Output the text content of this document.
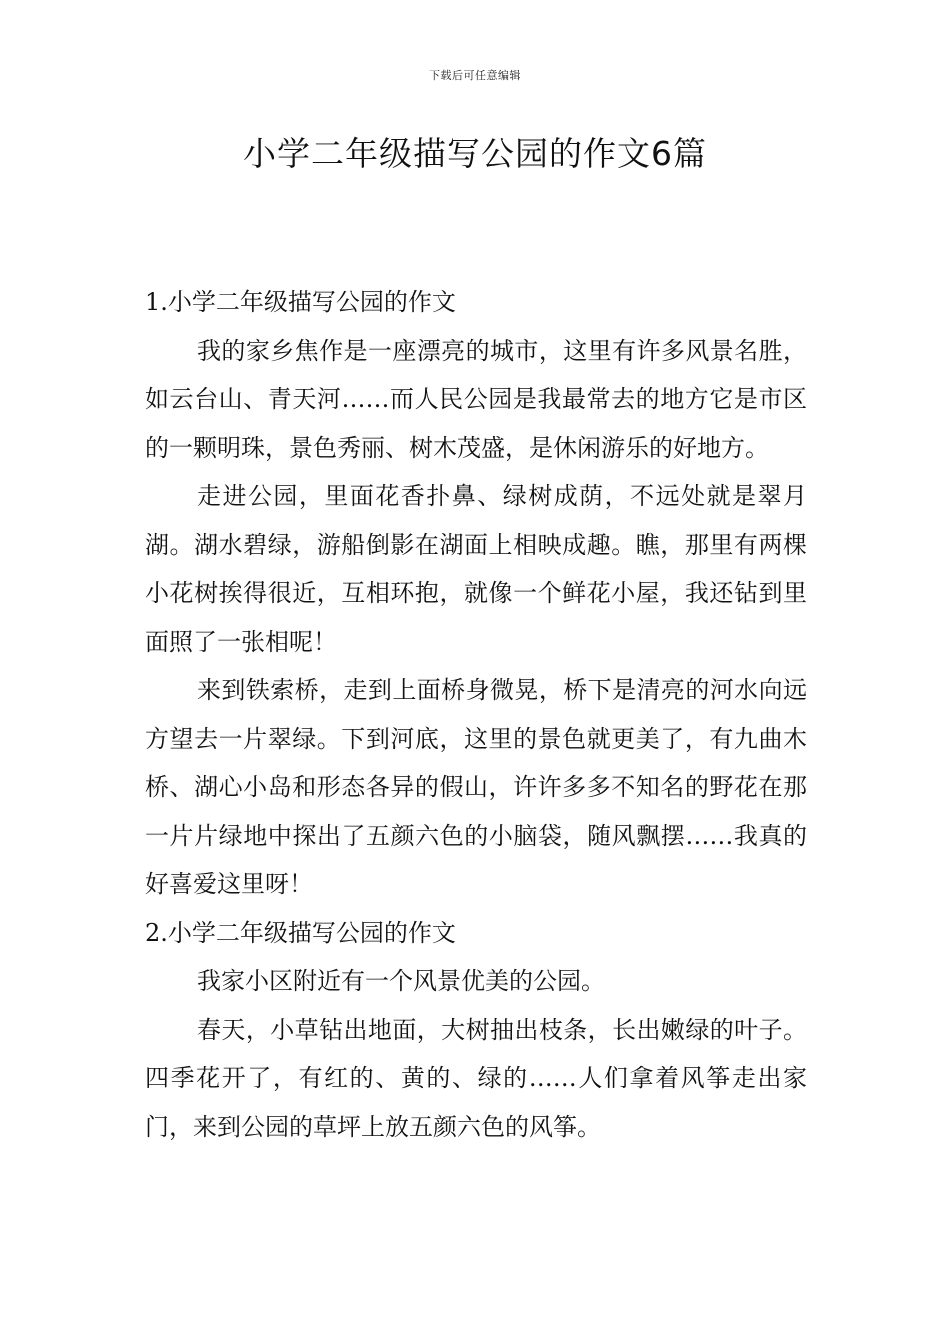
下载后可任意编辑
小学二年级描写公园的作文6篇

1.小学二年级描写公园的作文

我的家乡焦作是一座漂亮的城市，这里有许多风景名胜，如云台山、青天河……而人民公园是我最常去的地方它是市区的一颗明珠，景色秀丽、树木茂盛，是休闲游乐的好地方。

走进公园，里面花香扑鼻、绿树成荫，不远处就是翠月湖。湖水碧绿，游船倒影在湖面上相映成趣。瞧，那里有两棵小花树挨得很近，互相环抱，就像一个鲜花小屋，我还钻到里面照了一张相呢！

来到铁索桥，走到上面桥身微晃，桥下是清亮的河水向远方望去一片翠绿。下到河底，这里的景色就更美了，有九曲木桥、湖心小岛和形态各异的假山，许许多多不知名的野花在那一片片绿地中探出了五颜六色的小脑袋，随风飘摆……我真的好喜爱这里呀！

2.小学二年级描写公园的作文

我家小区附近有一个风景优美的公园。

春天，小草钻出地面，大树抽出枝条，长出嫩绿的叶子。四季花开了，有红的、黄的、绿的……人们拿着风筝走出家门，来到公园的草坪上放五颜六色的风筝。
